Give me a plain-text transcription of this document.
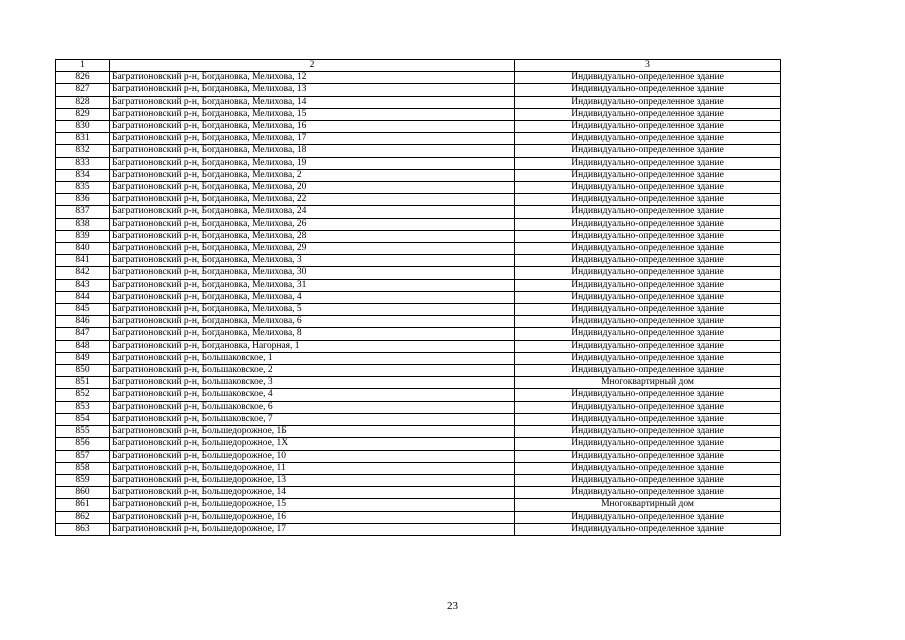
1	2	3
826	Багратионовский р-н, Богдановка, Мелихова, 12	Индивидуально-определенное здание
827	Багратионовский р-н, Богдановка, Мелихова, 13	Индивидуально-определенное здание
828	Багратионовский р-н, Богдановка, Мелихова, 14	Индивидуально-определенное здание
829	Багратионовский р-н, Богдановка, Мелихова, 15	Индивидуально-определенное здание
830	Багратионовский р-н, Богдановка, Мелихова, 16	Индивидуально-определенное здание
831	Багратионовский р-н, Богдановка, Мелихова, 17	Индивидуально-определенное здание
832	Багратионовский р-н, Богдановка, Мелихова, 18	Индивидуально-определенное здание
833	Багратионовский р-н, Богдановка, Мелихова, 19	Индивидуально-определенное здание
834	Багратионовский р-н, Богдановка, Мелихова, 2	Индивидуально-определенное здание
835	Багратионовский р-н, Богдановка, Мелихова, 20	Индивидуально-определенное здание
836	Багратионовский р-н, Богдановка, Мелихова, 22	Индивидуально-определенное здание
837	Багратионовский р-н, Богдановка, Мелихова, 24	Индивидуально-определенное здание
838	Багратионовский р-н, Богдановка, Мелихова, 26	Индивидуально-определенное здание
839	Багратионовский р-н, Богдановка, Мелихова, 28	Индивидуально-определенное здание
840	Багратионовский р-н, Богдановка, Мелихова, 29	Индивидуально-определенное здание
841	Багратионовский р-н, Богдановка, Мелихова, 3	Индивидуально-определенное здание
842	Багратионовский р-н, Богдановка, Мелихова, 30	Индивидуально-определенное здание
843	Багратионовский р-н, Богдановка, Мелихова, 31	Индивидуально-определенное здание
844	Багратионовский р-н, Богдановка, Мелихова, 4	Индивидуально-определенное здание
845	Багратионовский р-н, Богдановка, Мелихова, 5	Индивидуально-определенное здание
846	Багратионовский р-н, Богдановка, Мелихова, 6	Индивидуально-определенное здание
847	Багратионовский р-н, Богдановка, Мелихова, 8	Индивидуально-определенное здание
848	Багратионовский р-н, Богдановка, Нагорная, 1	Индивидуально-определенное здание
849	Багратионовский р-н, Большаковское, 1	Индивидуально-определенное здание
850	Багратионовский р-н, Большаковское, 2	Индивидуально-определенное здание
851	Багратионовский р-н, Большаковское, 3	Многоквартирный дом
852	Багратионовский р-н, Большаковское, 4	Индивидуально-определенное здание
853	Багратионовский р-н, Большаковское, 6	Индивидуально-определенное здание
854	Багратионовский р-н, Большаковское, 7	Индивидуально-определенное здание
855	Багратионовский р-н, Большедорожное, 1Б	Индивидуально-определенное здание
856	Багратионовский р-н, Большедорожное, 1Х	Индивидуально-определенное здание
857	Багратионовский р-н, Большедорожное, 10	Индивидуально-определенное здание
858	Багратионовский р-н, Большедорожное, 11	Индивидуально-определенное здание
859	Багратионовский р-н, Большедорожное, 13	Индивидуально-определенное здание
860	Багратионовский р-н, Большедорожное, 14	Индивидуально-определенное здание
861	Багратионовский р-н, Большедорожное, 15	Многоквартирный дом
862	Багратионовский р-н, Большедорожное, 16	Индивидуально-определенное здание
863	Багратионовский р-н, Большедорожное, 17	Индивидуально-определенное здание
23
